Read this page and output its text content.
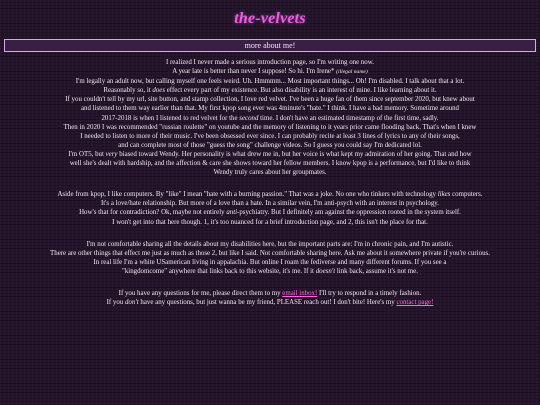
the-velvets
more about me!

I realized I never made a serious introduction page, so I'm writing one now.
A year late is better than never I suppose! So hi. I'm Irene* (illegal name)
I'm legally an adult now, but calling myself one feels weird. Uh. Hmmmm... Most important things... Oh! I'm disabled. I talk about that a lot.
Reasonably so, it does effect every part of my existence. But also disability is an interest of mine. I like learning about it.
If you couldn't tell by my url, site button, and stamp collection, I love red velvet. I've been a huge fan of them since september 2020, but knew about
and listened to them way earlier than that. My first kpop song ever was 4minute's "hate." I think. I have a bad memory. Sometime around
2017-2018 is when I listened to red velvet for the second time. I don't have an estimated timestamp of the first time, sadly.
Then in 2020 I was recommended "russian roulette" on youtube and the memory of listening to it years prior came flooding back. That's when I knew
I needed to listen to more of their music. I've been obsessed ever since. I can probably recite at least 3 lines of lyrics to any of their songs,
and can complete most of those "guess the song" challenge videos. So I guess you could say I'm dedicated lol.
I'm OT5, but very biased toward Wendy. Her personality is what drew me in, but her voice is what kept my admiration of her going. That and how
well she's dealt with hardship, and the affection & care she shows toward her fellow members. I know kpop is a performance, but I'd like to think
Wendy truly cares about her groupmates.

Aside from kpop, I like computers. By "like" I mean "hate with a burning passion." That was a joke. No one who tinkers with technology likes computers.
It's a love/hate relationship. But more of a love than a hate. In a similar vein, I'm anti-psych with an interest in psychology.
How's that for contradiction? Ok, maybe not entirely anti-psychiatry. But I definitely am against the oppression rooted in the system itself.
I won't get into that here though. 1, it's too nuanced for a brief introduction page, and 2, this isn't the place for that.

I'm not comfortable sharing all the details about my disabilities here, but the important parts are: I'm in chronic pain, and I'm autistic.
There are other things that effect me just as much as those 2, but like I said. Not comfortable sharing here. Ask me about it somewhere private if you're curious.
In real life I'm a white USamerican living in appalachia. But online I roam the fediverse and many different forums. If you see a
"kingdomcome" anywhere that links back to this website, it's me. If it doesn't link back, assume it's not me.

If you have any questions for me, please direct them to my email inbox! I'll try to respond in a timely fashion.
If you don't have any questions, but just wanna be my friend, PLEASE reach out! I don't bite! Here's my contact page!
